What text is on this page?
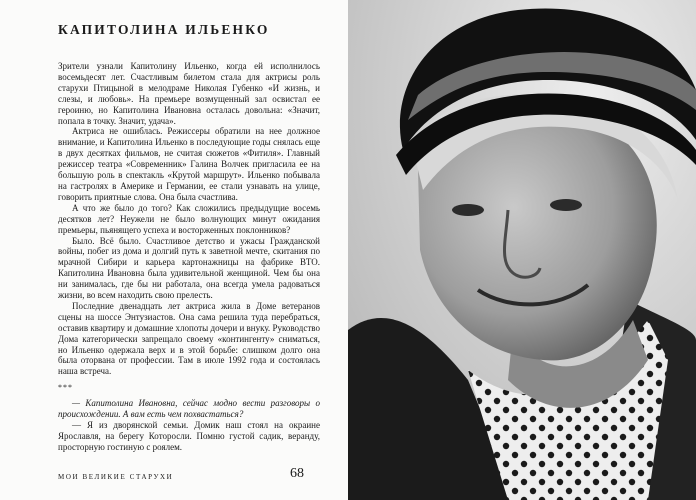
КАПИТОЛИНА ИЛЬЕНКО

Зрители узнали Капитолину Ильенко, когда ей исполнилось восемьдесят лет. Счастливым билетом стала для актрисы роль старухи Птицыной в мелодраме Николая Губенко «И жизнь, и слезы, и любовь». На премьере возмущенный зал освистал ее героиню, но Капитолина Ивановна осталась довольна: «Значит, попала в точку. Значит, удача».

Актриса не ошиблась. Режиссеры обратили на нее должное внимание, и Капитолина Ильенко в последующие годы снялась еще в двух десятках фильмов, не считая сюжетов «Фитиля». Главный режиссер театра «Современник» Галина Волчек пригласила ее на большую роль в спектакль «Крутой маршрут». Ильенко побывала на гастролях в Америке и Германии, ее стали узнавать на улице, говорить приятные слова. Она была счастлива.

А что же было до того? Как сложились предыдущие восемь десятков лет? Неужели не было волнующих минут ожидания премьеры, пьянящего успеха и восторженных поклонников?

Было. Всё было. Счастливое детство и ужасы Гражданской войны, побег из дома и долгий путь к заветной мечте, скитания по мрачной Сибири и карьера картонажницы на фабрике ВТО. Капитолина Ивановна была удивительной женщиной. Чем бы она ни занималась, где бы ни работала, она всегда умела радоваться жизни, во всем находить свою прелесть.

Последние двенадцать лет актриса жила в Доме ветеранов сцены на шоссе Энтузиастов. Она сама решила туда перебраться, оставив квартиру и домашние хлопоты дочери и внуку. Руководство Дома категорически запрещало своему «контингенту» сниматься, но Ильенко одержала верх и в этой борьбе: слишком долго она была оторвана от профессии. Там в июле 1992 года и состоялась наша встреча.

***

— Капитолина Ивановна, сейчас модно вести разговоры о происхождении. А вам есть чем похвастаться?

— Я из дворянской семьи. Домик наш стоял на окраине Ярославля, на берегу Которосли. Помню густой садик, веранду, просторную гостиную с роялем.

МОИ ВЕЛИКИЕ СТАРУХИ	68
